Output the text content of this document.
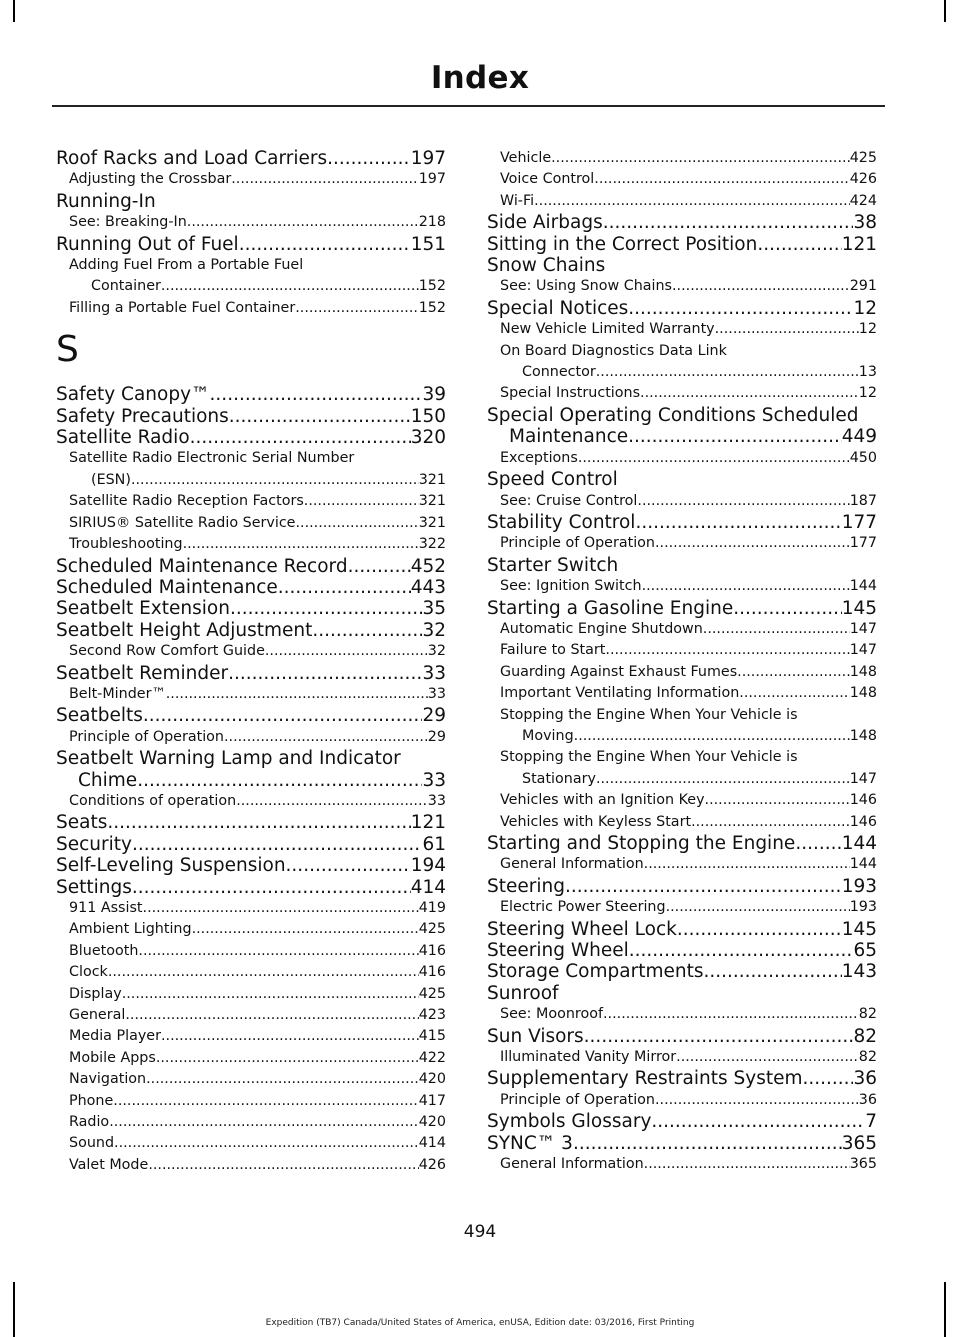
Index
Roof Racks and Load Carriers .....	197
Adjusting the Crossbar .....	197
Running-In
See: Breaking-In .....	218
Running Out of Fuel .....	151
Adding Fuel From a Portable Fuel
Container .....	152
Filling a Portable Fuel Container .....	152
S
Safety Canopy™ .....	39
Safety Precautions .....	150
Satellite Radio .....	320
Satellite Radio Electronic Serial Number
(ESN) .....	321
Satellite Radio Reception Factors .....	321
SIRIUS® Satellite Radio Service .....	321
Troubleshooting .....	322
Scheduled Maintenance Record .....	452
Scheduled Maintenance .....	443
Seatbelt Extension .....	35
Seatbelt Height Adjustment .....	32
Second Row Comfort Guide .....	32
Seatbelt Reminder .....	33
Belt-Minder™ .....	33
Seatbelts .....	29
Principle of Operation .....	29
Seatbelt Warning Lamp and Indicator
Chime .....	33
Conditions of operation .....	33
Seats .....	121
Security .....	61
Self-Leveling Suspension .....	194
Settings .....	414
911 Assist .....	419
Ambient Lighting .....	425
Bluetooth .....	416
Clock .....	416
Display .....	425
General .....	423
Media Player .....	415
Mobile Apps .....	422
Navigation .....	420
Phone .....	417
Radio .....	420
Sound .....	414
Valet Mode .....	426
Vehicle .....	425
Voice Control .....	426
Wi-Fi .....	424
Side Airbags .....	38
Sitting in the Correct Position .....	121
Snow Chains
See: Using Snow Chains .....	291
Special Notices .....	12
New Vehicle Limited Warranty .....	12
On Board Diagnostics Data Link
Connector .....	13
Special Instructions .....	12
Special Operating Conditions Scheduled
Maintenance .....	449
Exceptions .....	450
Speed Control
See: Cruise Control .....	187
Stability Control .....	177
Principle of Operation .....	177
Starter Switch
See: Ignition Switch .....	144
Starting a Gasoline Engine .....	145
Automatic Engine Shutdown .....	147
Failure to Start .....	147
Guarding Against Exhaust Fumes .....	148
Important Ventilating Information .....	148
Stopping the Engine When Your Vehicle is
Moving .....	148
Stopping the Engine When Your Vehicle is
Stationary .....	147
Vehicles with an Ignition Key .....	146
Vehicles with Keyless Start .....	146
Starting and Stopping the Engine .....	144
General Information .....	144
Steering .....	193
Electric Power Steering .....	193
Steering Wheel Lock .....	145
Steering Wheel .....	65
Storage Compartments .....	143
Sunroof
See: Moonroof .....	82
Sun Visors .....	82
Illuminated Vanity Mirror .....	82
Supplementary Restraints System .....	36
Principle of Operation .....	36
Symbols Glossary .....	7
SYNC™ 3 .....	365
General Information .....	365
494
Expedition (TB7) Canada/United States of America, enUSA, Edition date: 03/2016, First Printing
